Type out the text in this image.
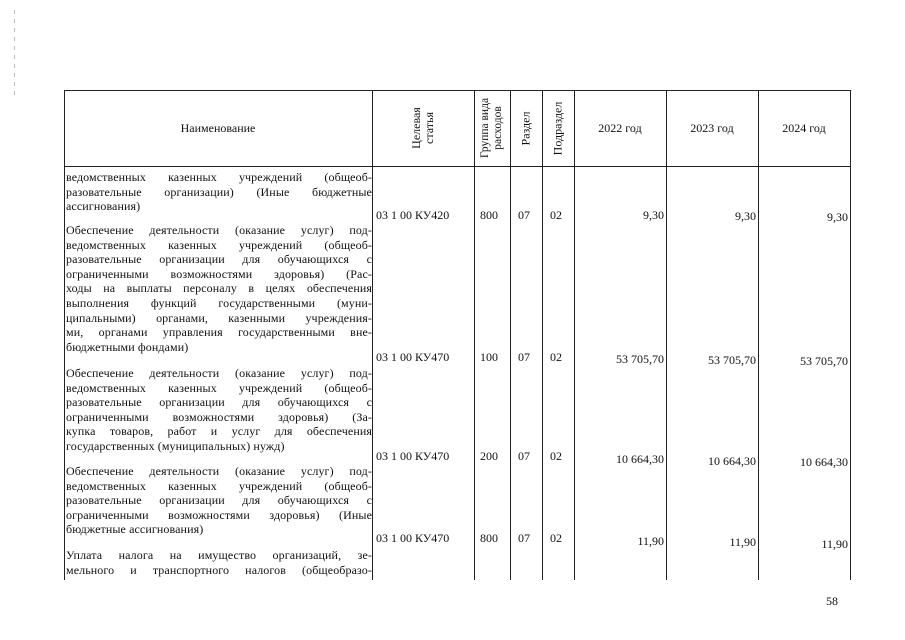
Наименование	Целевая статья	Группа вида расходов Раздел Подраздел	2022 год	2023 год	2024 год
ведомственных казенных учреждений (общеоб-
разовательные организации) (Иные бюджетные
ассигнования)
03 1 00 КУ420	800 07 02	9,30	9,30	9,30
Обеспечение деятельности (оказание услуг) под-
ведомственных казенных учреждений (общеоб-
разовательные организации для обучающихся с
ограниченными возможностями здоровья) (Рас-
ходы на выплаты персоналу в целях обеспечения
выполнения функций государственными (муни-
ципальными) органами, казенными учреждения-
ми, органами управления государственными вне-
бюджетными фондами)
03 1 00 КУ470	100 07 02	53 705,70	53 705,70	53 705,70
Обеспечение деятельности (оказание услуг) под-
ведомственных казенных учреждений (общеоб-
разовательные организации для обучающихся с
ограниченными возможностями здоровья) (За-
купка товаров, работ и услуг для обеспечения
государственных (муниципальных) нужд)
03 1 00 КУ470	200 07 02	10 664,30	10 664,30	10 664,30
Обеспечение деятельности (оказание услуг) под-
ведомственных казенных учреждений (общеоб-
разовательные организации для обучающихся с
ограниченными возможностями здоровья) (Иные
бюджетные ассигнования)
03 1 00 КУ470	800 07 02	11,90	11,90	11,90
Уплата налога на имущество организаций, зе-
мельного и транспортного налогов (общеобразо-
58
